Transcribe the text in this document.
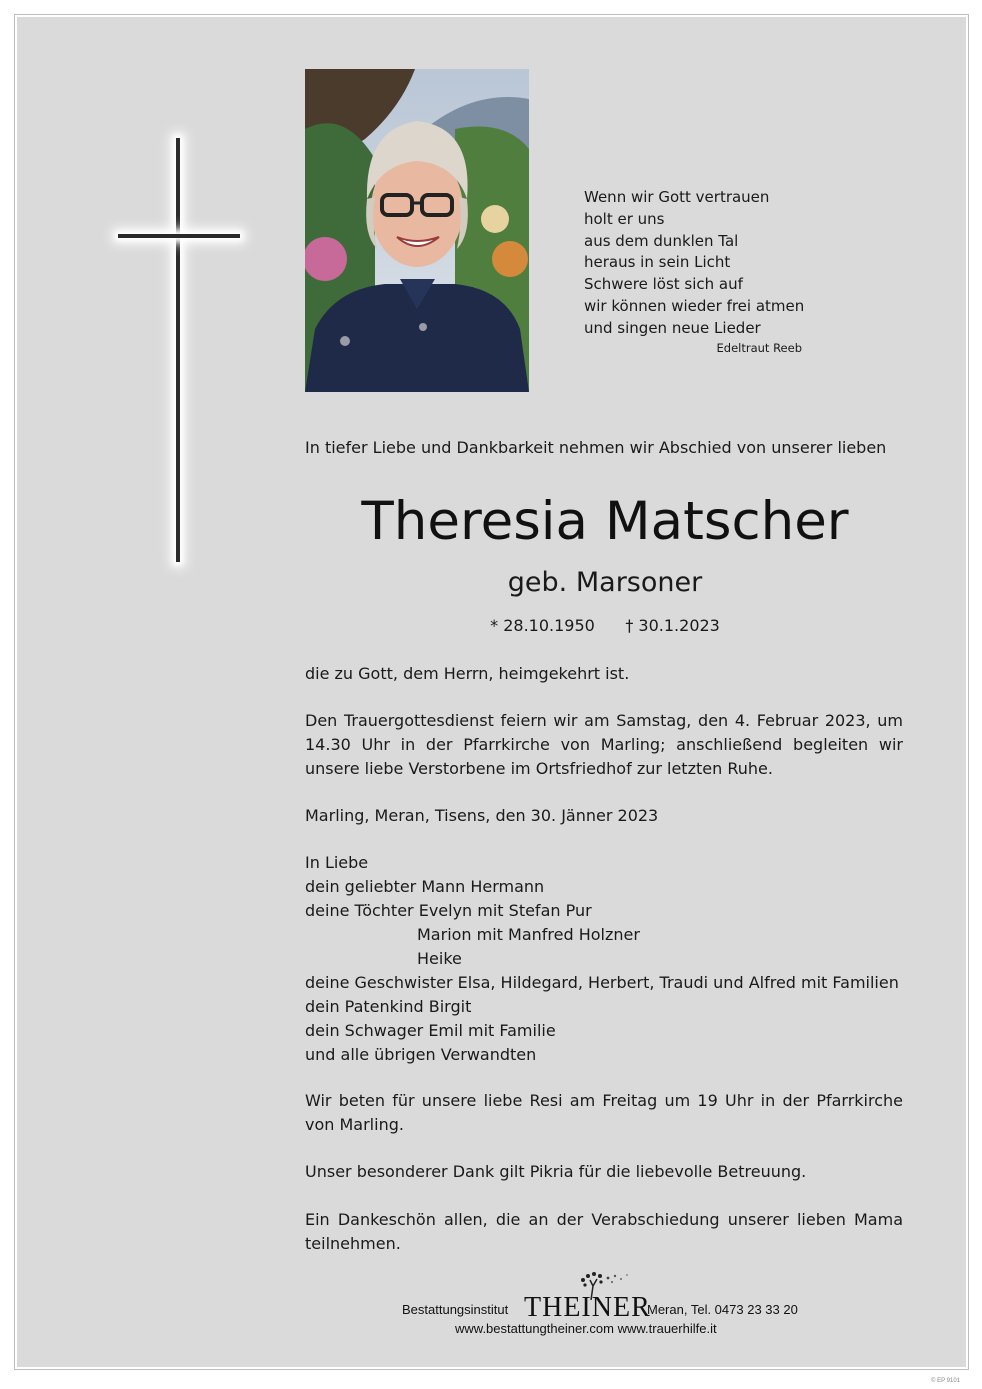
Wenn wir Gott vertrauen
holt er uns
aus dem dunklen Tal
heraus in sein Licht
Schwere löst sich auf
wir können wieder frei atmen
und singen neue Lieder
Edeltraut Reeb
In tiefer Liebe und Dankbarkeit nehmen wir Abschied von unserer lieben
Theresia Matscher
geb. Marsoner
* 28.10.1950 † 30.1.2023
die zu Gott, dem Herrn, heimgekehrt ist.
Den Trauergottesdienst feiern wir am Samstag, den 4. Februar 2023, um 14.30 Uhr in der Pfarrkirche von Marling; anschließend begleiten wir unsere liebe Verstorbene im Ortsfriedhof zur letzten Ruhe.
Marling, Meran, Tisens, den 30. Jänner 2023
In Liebe
dein geliebter Mann Hermann
deine Töchter Evelyn mit Stefan Pur
Marion mit Manfred Holzner
Heike
deine Geschwister Elsa, Hildegard, Herbert, Traudi und Alfred mit Familien
dein Patenkind Birgit
dein Schwager Emil mit Familie
und alle übrigen Verwandten
Wir beten für unsere liebe Resi am Freitag um 19 Uhr in der Pfarrkirche von Marling.
Unser besonderer Dank gilt Pikria für die liebevolle Betreuung.
Ein Dankeschön allen, die an der Verabschiedung unserer lieben Mama teilnehmen.
Bestattungsinstitut THEINER
Meran, Tel. 0473 23 33 20
www.bestattungtheiner.com www.trauerhilfe.it
© EP 9101
